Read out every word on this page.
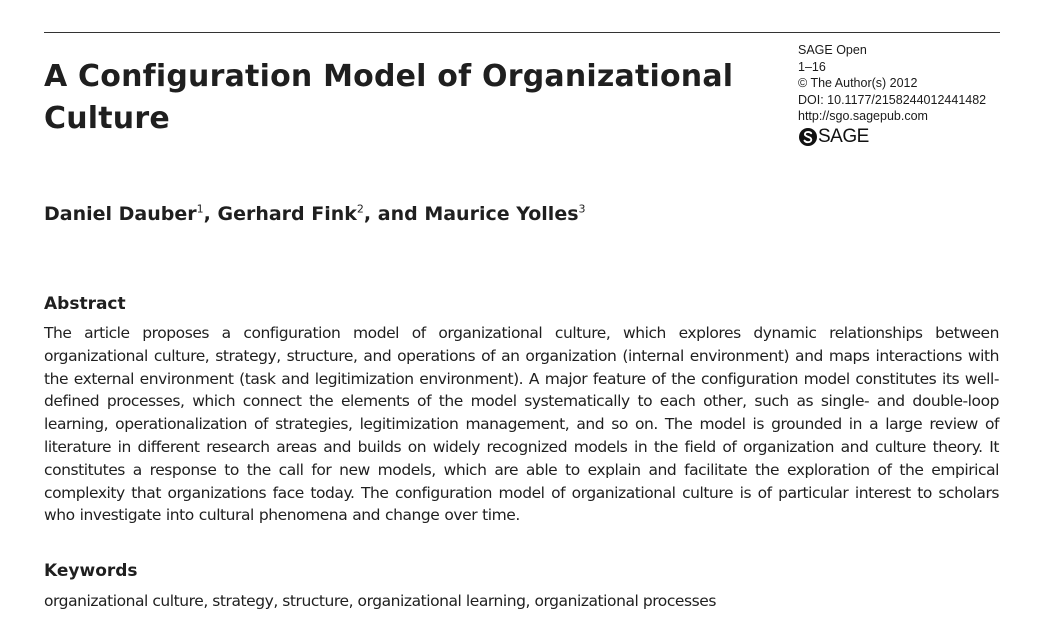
A Configuration Model of Organizational Culture
SAGE Open
1–16
© The Author(s) 2012
DOI: 10.1177/2158244012441482
http://sgo.sagepub.com
SAGE
Daniel Dauber$^1$, Gerhard Fink$^2$, and Maurice Yolles$^3$
Abstract

The article proposes a configuration model of organizational culture, which explores dynamic relationships between organizational culture, strategy, structure, and operations of an organization (internal environment) and maps interactions with the external environment (task and legitimization environment). A major feature of the configuration model constitutes its well-defined processes, which connect the elements of the model systematically to each other, such as single- and double-loop learning, operationalization of strategies, legitimization management, and so on. The model is grounded in a large review of literature in different research areas and builds on widely recognized models in the field of organization and culture theory. It constitutes a response to the call for new models, which are able to explain and facilitate the exploration of the empirical complexity that organizations face today. The configuration model of organizational culture is of particular interest to scholars who investigate into cultural phenomena and change over time.

Keywords

organizational culture, strategy, structure, organizational learning, organizational processes
